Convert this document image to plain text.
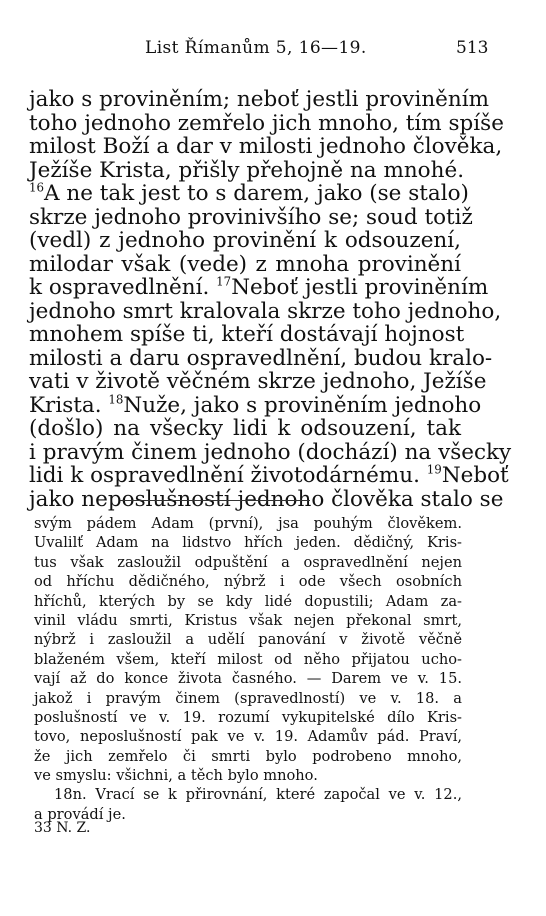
List Římanům 5, 16—19.	513
jako s proviněním; neboť jestli proviněním
toho jednoho zemřelo jich mnoho, tím spíše
milost Boží a dar v milosti jednoho člověka,
Ježíše Krista, přišly přehojně na mnohé.
$^{16}$A ne tak jest to s darem, jako (se stalo)
skrze jednoho provinivšího se; soud totiž
(vedl) z jednoho provinění k odsouzení,
milodar však (vede) z mnoha provinění
k ospravedlnění. $^{17}$Neboť jestli proviněním
jednoho smrt kralovala skrze toho jednoho,
mnohem spíše ti, kteří dostávají hojnost
milosti a daru ospravedlnění, budou kralo-
vati v životě věčném skrze jednoho, Ježíše
Krista. $^{18}$Nuže, jako s proviněním jednoho
(došlo) na všecky lidi k odsouzení, tak
i pravým činem jednoho (dochází) na všecky
lidi k ospravedlnění životodárnému. $^{19}$Neboť
jako neposlušností jednoho člověka stalo se
svým pádem Adam (první), jsa pouhým člověkem.
Uvalilť Adam na lidstvo hřích jeden. dědičný, Kris-
tus však zasloužil odpuštění a ospravedlnění nejen
od hříchu dědičného, nýbrž i ode všech osobních
hříchů, kterých by se kdy lidé dopustili; Adam za-
vinil vládu smrti, Kristus však nejen překonal smrt,
nýbrž i zasloužil a udělí panování v životě věčně
blaženém všem, kteří milost od něho přijatou ucho-
vají až do konce života časného. — Darem ve v. 15.
jakož i pravým činem (spravedlností) ve v. 18. a
poslušností ve v. 19. rozumí vykupitelské dílo Kris-
tovo, neposlušností pak ve v. 19. Adamův pád. Praví,
že jich zemřelo či smrti bylo podrobeno mnoho,
ve smyslu: všichni, a těch bylo mnoho.
18n. Vrací se k přirovnání, které započal ve v. 12.,
a provádí je.
33 N. Z.
